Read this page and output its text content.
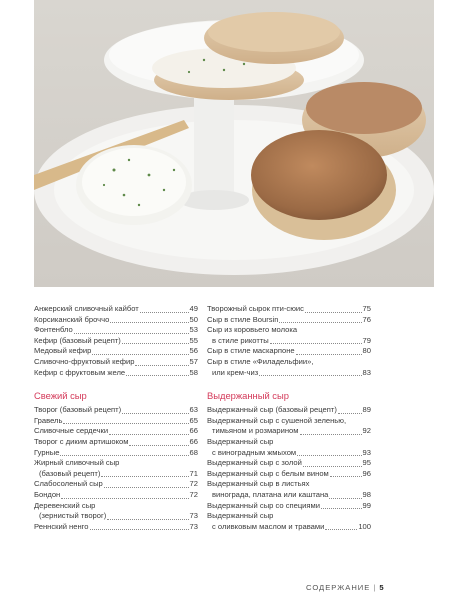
Анжерский сливочный кайбот	49
Корсиканский броччо	50
Фонтенбло	53
Кефир (базовый рецепт)	55
Медовый кефир	56
Сливочно-фруктовый кефир	57
Кефир с фруктовым желе	58
Свежий сыр
Творог (базовый рецепт)	63
Гравель	65
Сливочные сердечки	66
Творог с диким артишоком	66
Гурные	68
Жирный сливочный сыр
(базовый рецепт)	71
Слабосоленый сыр	72
Бондон	72
Деревенский сыр
(зернистый творог)	73
Реннский ненго	73
Творожный сырок пти-сюис	75
Сыр в стиле Boursin	76
Сыр из коровьего молока
в стиле рикотты	79
Сыр в стиле маскарпоне	80
Сыр в стиле «Филадельфии»,
или крем-чиз	83
Выдержанный сыр
Выдержанный сыр (базовый рецепт)	89
Выдержанный сыр с сушеной зеленью,
тимьяном и розмарином	92
Выдержанный сыр
с виноградным жмыхом	93
Выдержанный сыр с золой	95
Выдержанный сыр с белым вином	96
Выдержанный сыр в листьях
винограда, платана или каштана	98
Выдержанный сыр со специями	99
Выдержанный сыр
с оливковым маслом и травами	100
СОДЕРЖАНИЕ | 5
